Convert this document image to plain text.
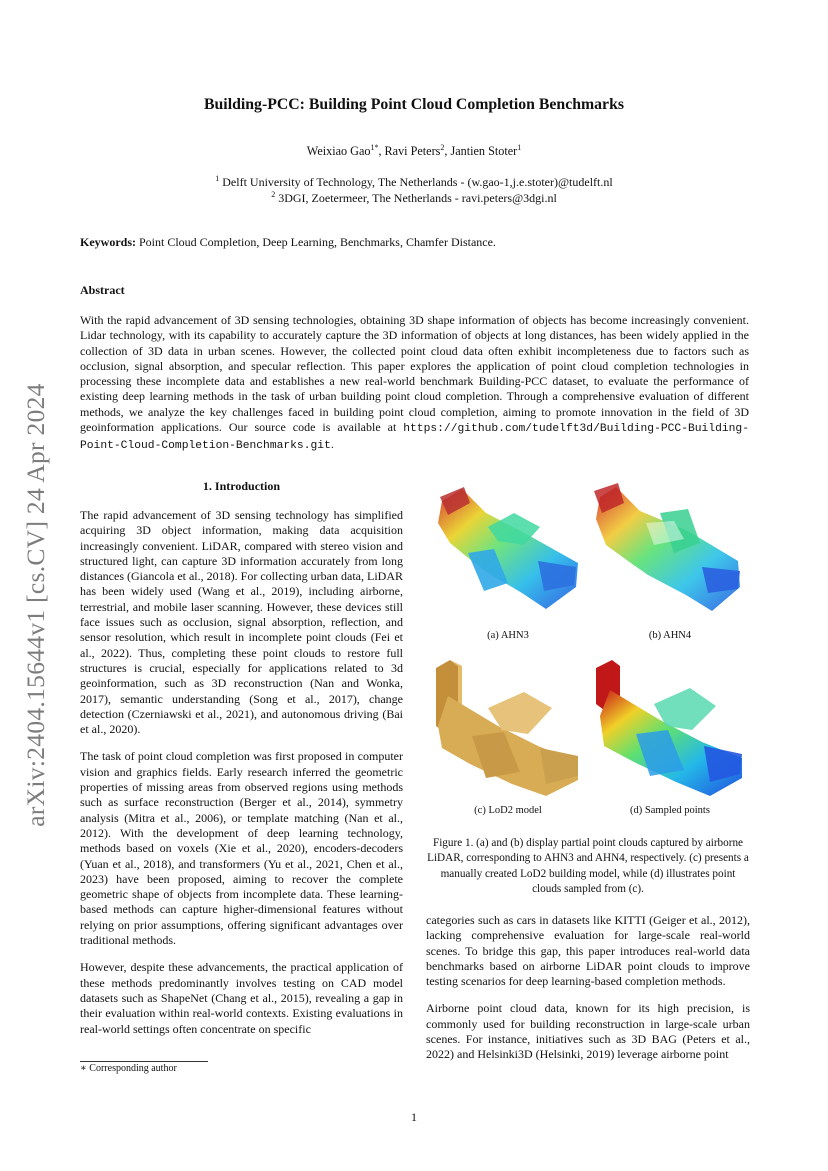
arXiv:2404.15644v1 [cs.CV] 24 Apr 2024
Building-PCC: Building Point Cloud Completion Benchmarks
Weixiao Gao$^{1*}$, Ravi Peters$^2$, Jantien Stoter$^1$
$^1$ Delft University of Technology, The Netherlands - (w.gao-1,j.e.stoter)@tudelft.nl
$^2$ 3DGI, Zoetermeer, The Netherlands - ravi.peters@3dgi.nl
Keywords: Point Cloud Completion, Deep Learning, Benchmarks, Chamfer Distance.
Abstract
With the rapid advancement of 3D sensing technologies, obtaining 3D shape information of objects has become increasingly convenient. Lidar technology, with its capability to accurately capture the 3D information of objects at long distances, has been widely applied in the collection of 3D data in urban scenes. However, the collected point cloud data often exhibit incompleteness due to factors such as occlusion, signal absorption, and specular reflection. This paper explores the application of point cloud completion technologies in processing these incomplete data and establishes a new real-world benchmark Building-PCC dataset, to evaluate the performance of existing deep learning methods in the task of urban building point cloud completion. Through a comprehensive evaluation of different methods, we analyze the key challenges faced in building point cloud completion, aiming to promote innovation in the field of 3D geoinformation applications. Our source code is available at https://github.com/tudelft3d/Building-PCC-Building-Point-Cloud-Completion-Benchmarks.git.
1. Introduction

The rapid advancement of 3D sensing technology has simplified acquiring 3D object information, making data acquisition increasingly convenient. LiDAR, compared with stereo vision and structured light, can capture 3D information accurately from long distances (Giancola et al., 2018). For collecting urban data, LiDAR has been widely used (Wang et al., 2019), including airborne, terrestrial, and mobile laser scanning. However, these devices still face issues such as occlusion, signal absorption, reflection, and sensor resolution, which result in incomplete point clouds (Fei et al., 2022). Thus, completing these point clouds to restore full structures is crucial, especially for applications related to 3d geoinformation, such as 3D reconstruction (Nan and Wonka, 2017), semantic understanding (Song et al., 2017), change detection (Czerniawski et al., 2021), and autonomous driving (Bai et al., 2020).

The task of point cloud completion was first proposed in computer vision and graphics fields. Early research inferred the geometric properties of missing areas from observed regions using methods such as surface reconstruction (Berger et al., 2014), symmetry analysis (Mitra et al., 2006), or template matching (Nan et al., 2012). With the development of deep learning technology, methods based on voxels (Xie et al., 2020), encoders-decoders (Yuan et al., 2018), and transformers (Yu et al., 2021, Chen et al., 2023) have been proposed, aiming to recover the complete geometric shape of objects from incomplete data. These learning-based methods can capture higher-dimensional features without relying on prior assumptions, offering significant advantages over traditional methods.

However, despite these advancements, the practical application of these methods predominantly involves testing on CAD model datasets such as ShapeNet (Chang et al., 2015), revealing a gap in their evaluation within real-world contexts. Existing evaluations in real-world settings often concentrate on specific

∗ Corresponding author
(a) AHN3	(b) AHN4
(c) LoD2 model	(d) Sampled points
Figure 1. (a) and (b) display partial point clouds captured by airborne LiDAR, corresponding to AHN3 and AHN4, respectively. (c) presents a manually created LoD2 building model, while (d) illustrates point clouds sampled from (c).

categories such as cars in datasets like KITTI (Geiger et al., 2012), lacking comprehensive evaluation for large-scale real-world scenes. To bridge this gap, this paper introduces real-world data benchmarks based on airborne LiDAR point clouds to improve testing scenarios for deep learning-based completion methods.

Airborne point cloud data, known for its high precision, is commonly used for building reconstruction in large-scale urban scenes. For instance, initiatives such as 3D BAG (Peters et al., 2022) and Helsinki3D (Helsinki, 2019) leverage airborne point

1
